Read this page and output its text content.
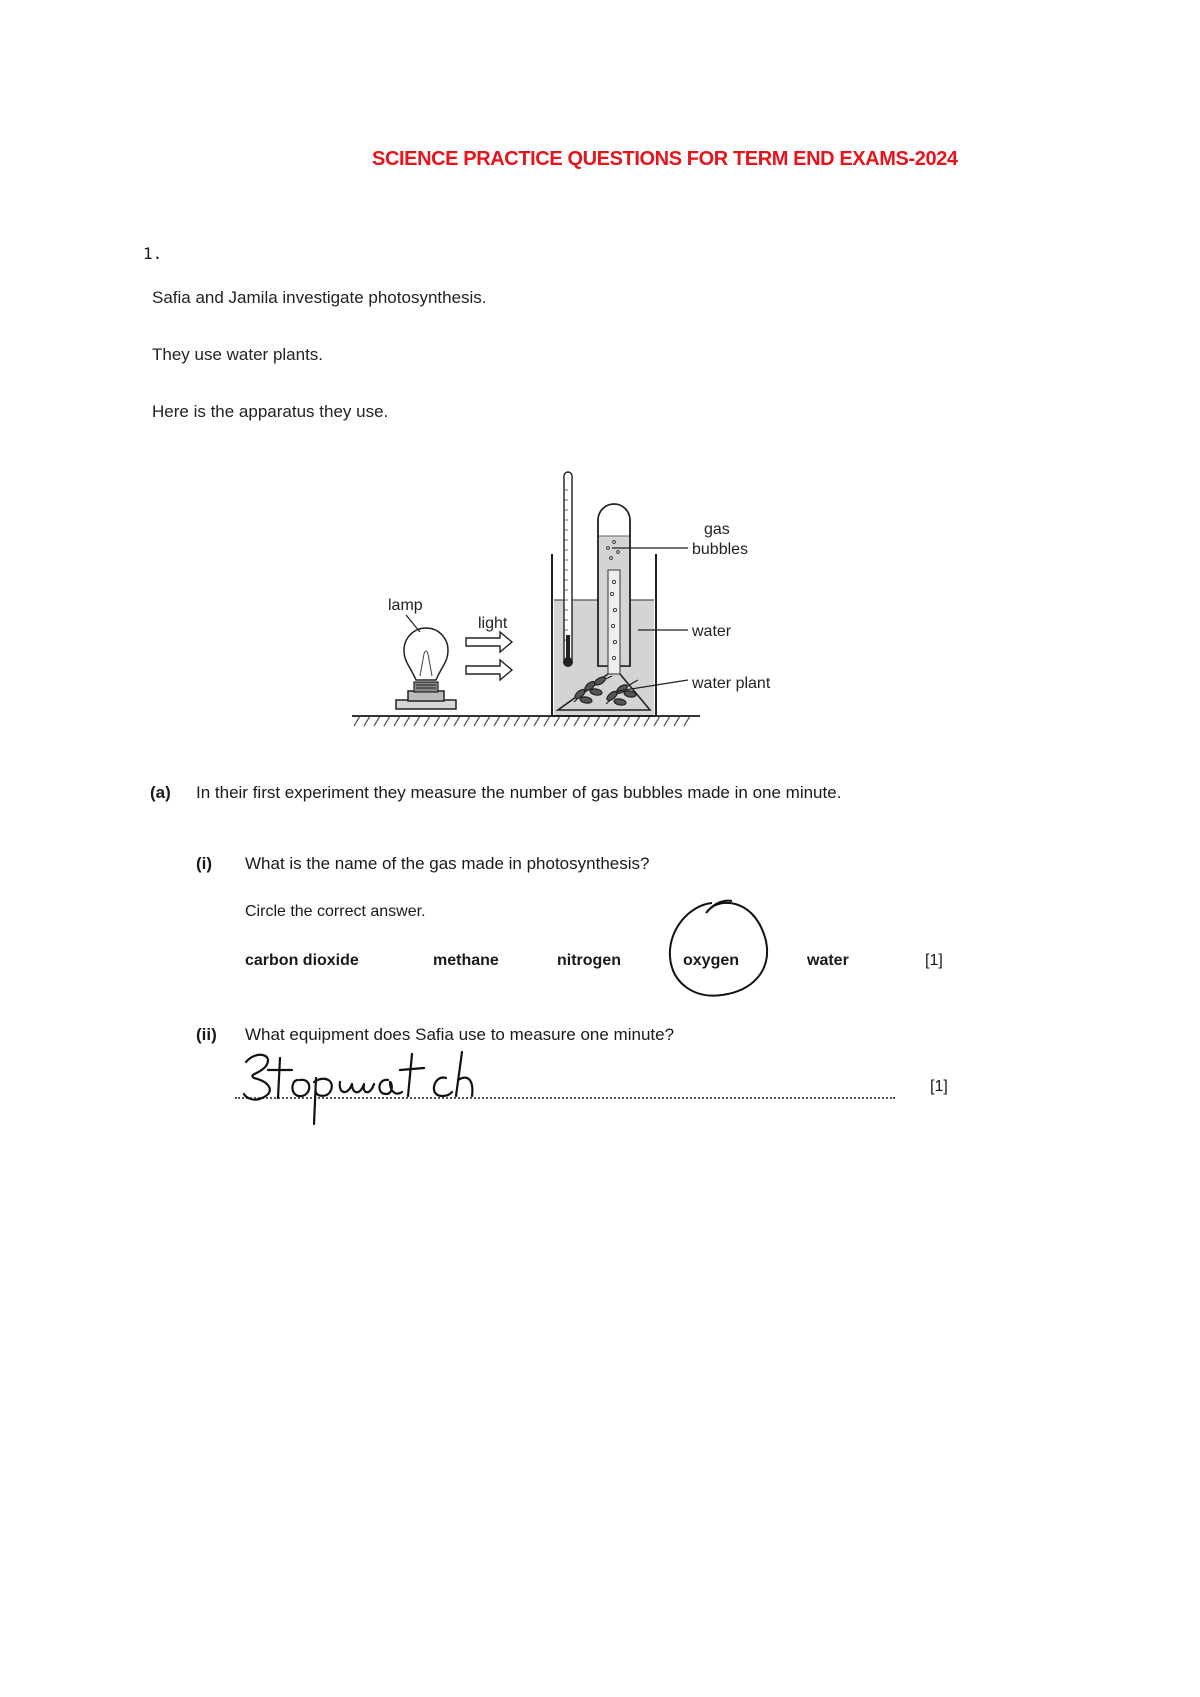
SCIENCE PRACTICE QUESTIONS FOR TERM END EXAMS-2024
1.
Safia and Jamila investigate photosynthesis.
They use water plants.
Here is the apparatus they use.
lamp
light
gas
bubbles
water
water plant
(a) In their first experiment they measure the number of gas bubbles made in one minute.
(i) What is the name of the gas made in photosynthesis?
Circle the correct answer.
carbon dioxide	methane	nitrogen	oxygen	water	[1]
(ii) What equipment does Safia use to measure one minute?
[1]
